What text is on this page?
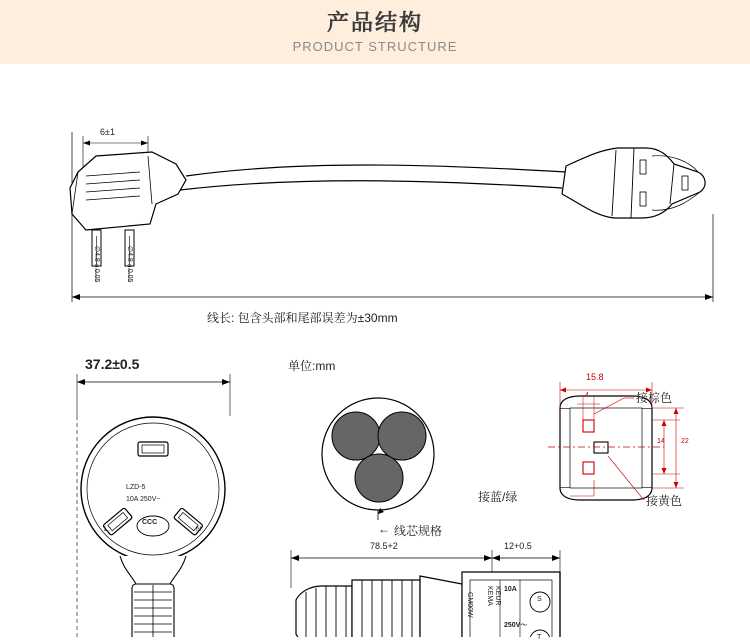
产品结构
PRODUCT STRUCTURE
6±1
∅4.8±0.05	∅4.8±0.05
线长: 包含头部和尾部误差为±30mm
单位:mm
37.2±0.5
LZD-5
10A 250V~
CCC
L	N	线芯规格
←
15.8
4
14 22
接棕色
接黄色
接蓝/绿
78.5+2	12+0.5
10A
250V～
KEMA KEUR
GM00W	S
T
